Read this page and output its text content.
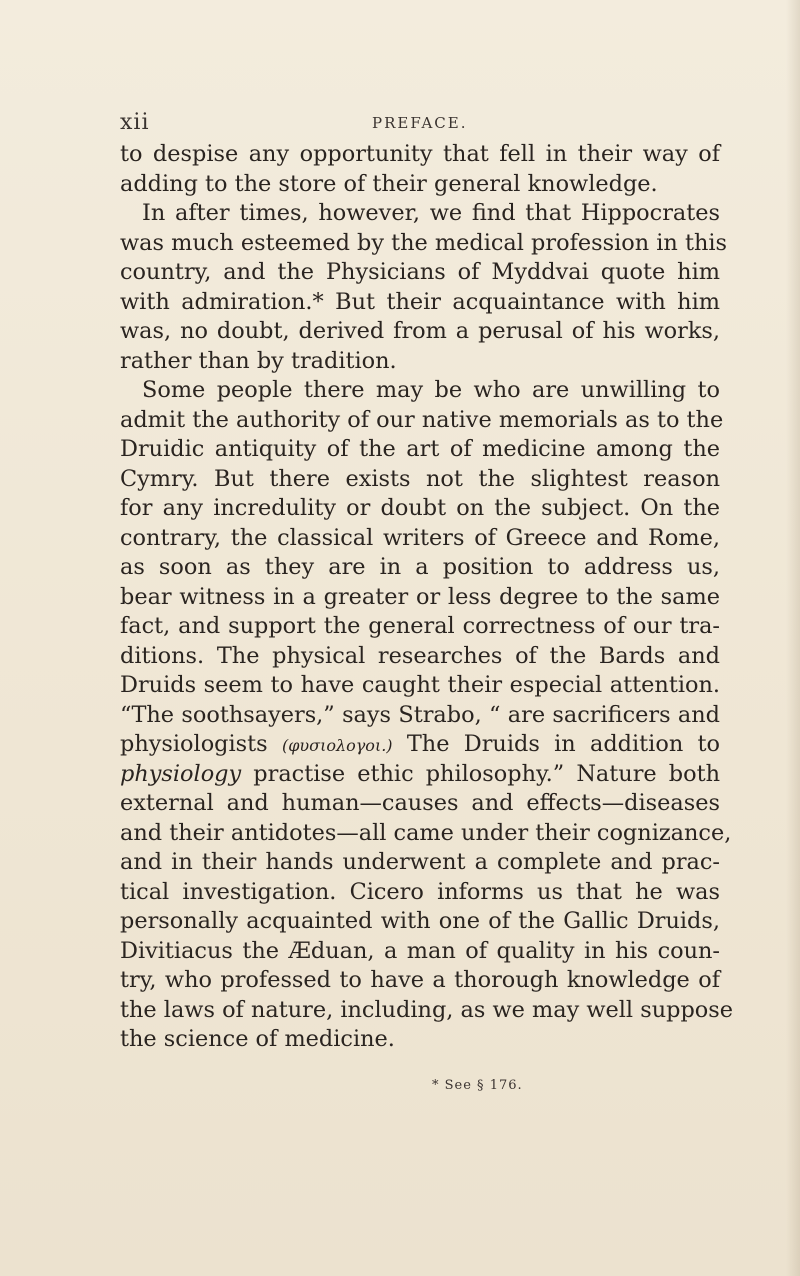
xii	PREFACE.
to despise any opportunity that fell in their way of
adding to the store of their general knowledge.
In after times, however, we find that Hippocrates
was much esteemed by the medical profession in this
country, and the Physicians of Myddvai quote him
with admiration.* But their acquaintance with him
was, no doubt, derived from a perusal of his works,
rather than by tradition.
Some people there may be who are unwilling to
admit the authority of our native memorials as to the
Druidic antiquity of the art of medicine among the
Cymry. But there exists not the slightest reason
for any incredulity or doubt on the subject. On the
contrary, the classical writers of Greece and Rome,
as soon as they are in a position to address us,
bear witness in a greater or less degree to the same
fact, and support the general correctness of our tra-
ditions. The physical researches of the Bards and
Druids seem to have caught their especial attention.
“The soothsayers,” says Strabo, “ are sacrificers and
physiologists (φυσιολογοι.) The Druids in addition to
physiology practise ethic philosophy.” Nature both
external and human—causes and effects—diseases
and their antidotes—all came under their cognizance,
and in their hands underwent a complete and prac-
tical investigation. Cicero informs us that he was
personally acquainted with one of the Gallic Druids,
Divitiacus the Æduan, a man of quality in his coun-
try, who professed to have a thorough knowledge of
the laws of nature, including, as we may well suppose
the science of medicine.
* See § 176.
